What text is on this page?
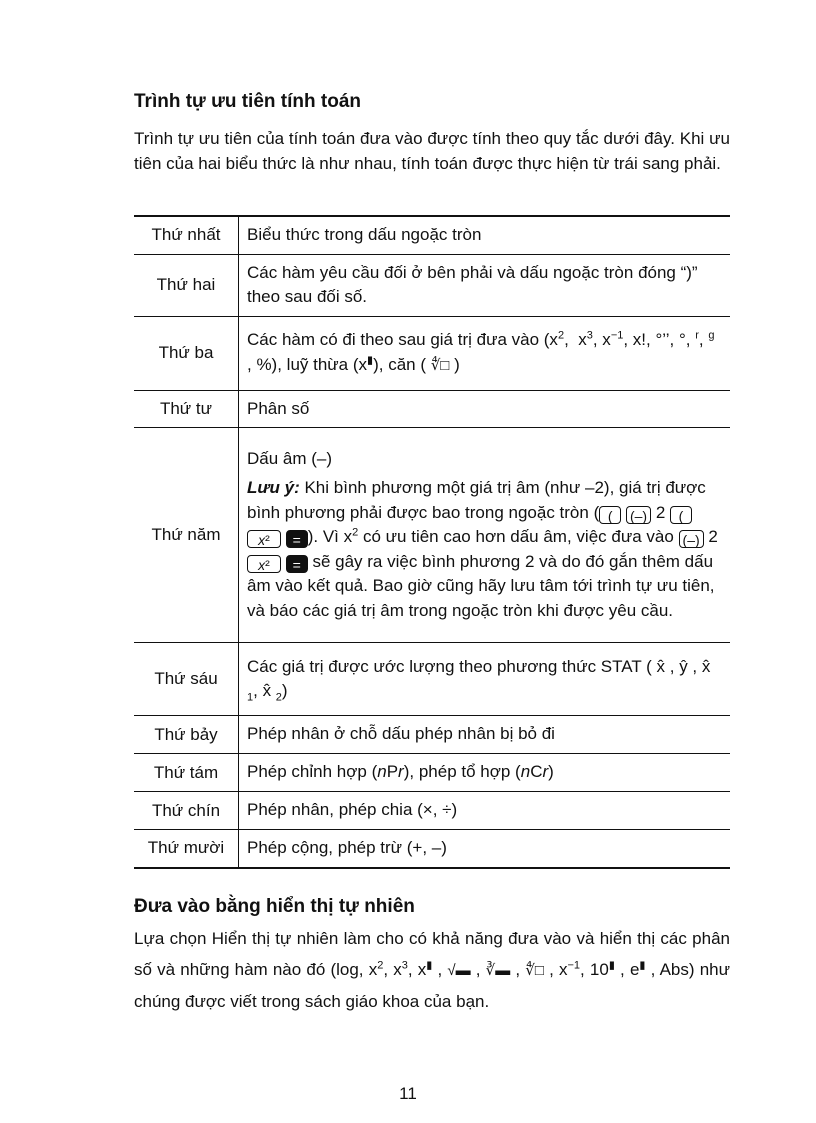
Trình tự ưu tiên tính toán

Trình tự ưu tiên của tính toán đưa vào được tính theo quy tắc dưới đây. Khi ưu tiên của hai biểu thức là như nhau, tính toán được thực hiện từ trái sang phải.

Thứ nhất	Biểu thức trong dấu ngoặc tròn
Thứ hai	Các hàm yêu cầu đối ở bên phải và dấu ngoặc tròn đóng “)” theo sau đối số.
Thứ ba	Các hàm có đi theo sau giá trị đưa vào ($x^2$,  $x^3$, $x^{-1}$, x!, °’’, °, $^r$, $^g$ , %), luỹ thừa (x▮), căn ( ∜□ )
Thứ tư	Phân số
Thứ năm	Dấu âm (–)

Lưu ý: Khi bình phương một giá trị âm (như –2), giá trị được bình phương phải được bao trong ngoặc tròn ( ( (–) 2 ( x² = ). Vì $x^2$ có ưu tiên cao hơn dấu âm, việc đưa vào (–) 2 x² = sẽ gây ra việc bình phương 2 và do đó gắn thêm dấu âm vào kết quả. Bao giờ cũng hãy lưu tâm tới trình tự ưu tiên, và báo các giá trị âm trong ngoặc tròn khi được yêu cầu.

Thứ sáu	Các giá trị được ước lượng theo phương thức STAT ( x̂ , ŷ , x̂ $_1$, x̂ $_2$)
Thứ bảy	Phép nhân ở chỗ dấu phép nhân bị bỏ đi
Thứ tám	Phép chỉnh hợp (nPr), phép tổ hợp (nCr)
Thứ chín	Phép nhân, phép chia (×, ÷)
Thứ mười	Phép cộng, phép trừ (+, –)
Đưa vào bằng hiển thị tự nhiên

Lựa chọn Hiển thị tự nhiên làm cho có khả năng đưa vào và hiển thị các phân số và những hàm nào đó (log, $x^2$, $x^3$, x▮ , √▬ , ∛▬ , ∜□ , $x^{-1}$, 10▮ , e▮ , Abs) như chúng được viết trong sách giáo khoa của bạn.

11
